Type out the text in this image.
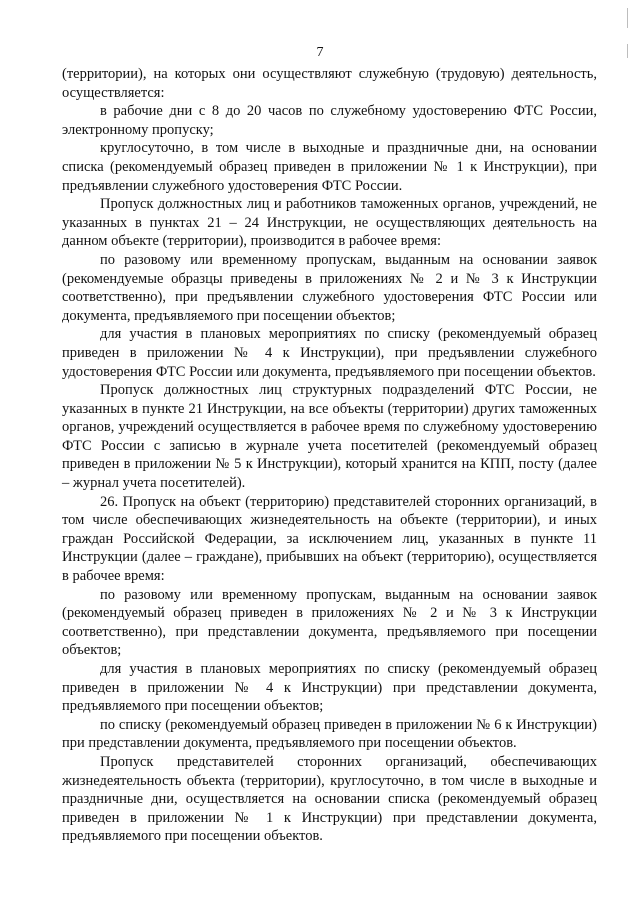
7

(территории), на которых они осуществляют служебную (трудовую) деятельность, осуществляется:

в рабочие дни с 8 до 20 часов по служебному удостоверению ФТС России, электронному пропуску;

круглосуточно, в том числе в выходные и праздничные дни, на основании списка (рекомендуемый образец приведен в приложении № 1 к Инструкции), при предъявлении служебного удостоверения ФТС России.

Пропуск должностных лиц и работников таможенных органов, учреждений, не указанных в пунктах 21 – 24 Инструкции, не осуществляющих деятельность на данном объекте (территории), производится в рабочее время:

по разовому или временному пропускам, выданным на основании заявок (рекомендуемые образцы приведены в приложениях № 2 и № 3 к Инструкции соответственно), при предъявлении служебного удостоверения ФТС России или документа, предъявляемого при посещении объектов;

для участия в плановых мероприятиях по списку (рекомендуемый образец приведен в приложении № 4 к Инструкции), при предъявлении служебного удостоверения ФТС России или документа, предъявляемого при посещении объектов.

Пропуск должностных лиц структурных подразделений ФТС России, не указанных в пункте 21 Инструкции, на все объекты (территории) других таможенных органов, учреждений осуществляется в рабочее время по служебному удостоверению ФТС России с записью в журнале учета посетителей (рекомендуемый образец приведен в приложении № 5 к Инструкции), который хранится на КПП, посту (далее – журнал учета посетителей).

26. Пропуск на объект (территорию) представителей сторонних организаций, в том числе обеспечивающих жизнедеятельность на объекте (территории), и иных граждан Российской Федерации, за исключением лиц, указанных в пункте 11 Инструкции (далее – граждане), прибывших на объект (территорию), осуществляется в рабочее время:

по разовому или временному пропускам, выданным на основании заявок (рекомендуемый образец приведен в приложениях № 2 и № 3 к Инструкции соответственно), при представлении документа, предъявляемого при посещении объектов;

для участия в плановых мероприятиях по списку (рекомендуемый образец приведен в приложении № 4 к Инструкции) при представлении документа, предъявляемого при посещении объектов;

по списку (рекомендуемый образец приведен в приложении № 6 к Инструкции) при представлении документа, предъявляемого при посещении объектов.

Пропуск представителей сторонних организаций, обеспечивающих жизнедеятельность объекта (территории), круглосуточно, в том числе в выходные и праздничные дни, осуществляется на основании списка (рекомендуемый образец приведен в приложении № 1 к Инструкции) при представлении документа, предъявляемого при посещении объектов.
